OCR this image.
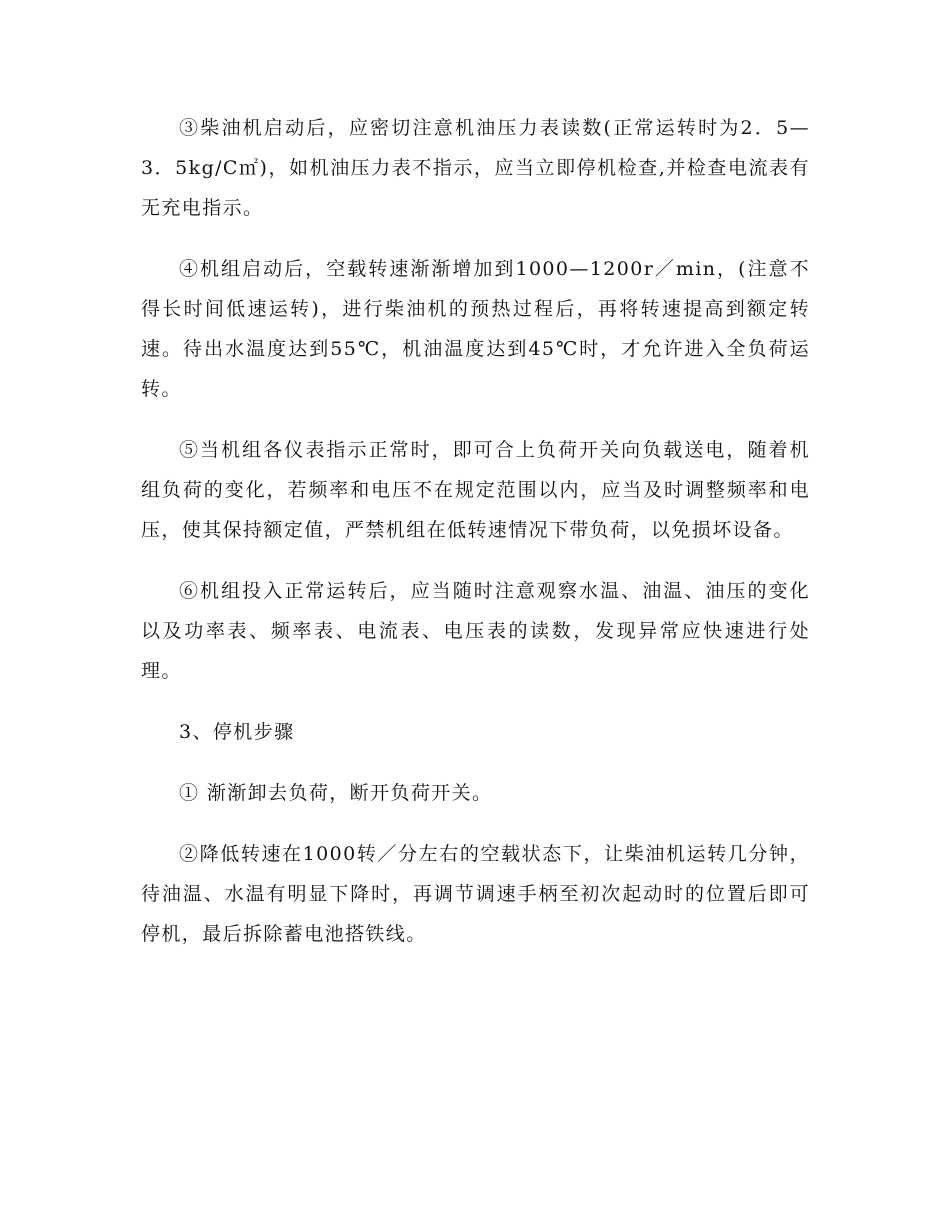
③柴油机启动后，应密切注意机油压力表读数(正常运转时为2．5—3．5kg/C㎡)，如机油压力表不指示，应当立即停机检查,并检查电流表有无充电指示。

④机组启动后，空载转速渐渐增加到1000—1200r／min，(注意不得长时间低速运转)，进行柴油机的预热过程后，再将转速提高到额定转速。待出水温度达到55℃，机油温度达到45℃时，才允许进入全负荷运转。

⑤当机组各仪表指示正常时，即可合上负荷开关向负载送电，随着机组负荷的变化，若频率和电压不在规定范围以内，应当及时调整频率和电压，使其保持额定值，严禁机组在低转速情况下带负荷，以免损坏设备。

⑥机组投入正常运转后，应当随时注意观察水温、油温、油压的变化以及功率表、频率表、电流表、电压表的读数，发现异常应快速进行处理。

3、停机步骤

① 渐渐卸去负荷，断开负荷开关。

②降低转速在1000转／分左右的空载状态下，让柴油机运转几分钟，待油温、水温有明显下降时，再调节调速手柄至初次起动时的位置后即可停机，最后拆除蓄电池搭铁线。
